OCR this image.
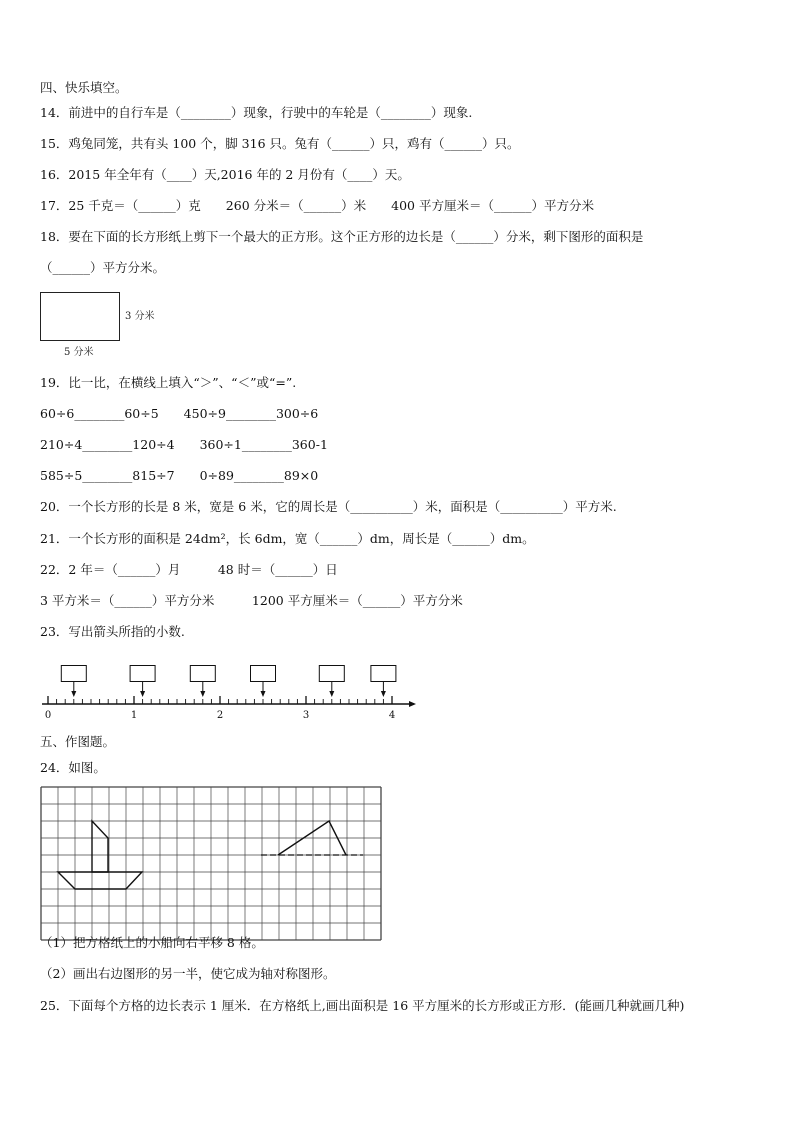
四、快乐填空。
14．前进中的自行车是（________）现象，行驶中的车轮是（________）现象.
15．鸡兔同笼，共有头 100 个，脚 316 只。兔有（______）只，鸡有（______）只。
16．2015 年全年有（____）天,2016 年的 2 月份有（____）天。
17．25 千克＝（______）克　　260 分米＝（______）米　　400 平方厘米＝（______）平方分米
18．要在下面的长方形纸上剪下一个最大的正方形。这个正方形的边长是（______）分米，剩下图形的面积是
（______）平方分米。
3 分米
5 分米
19．比一比，在横线上填入“＞”、“＜”或“=”.
60÷6________60÷5　　450÷9________300÷6
210÷4________120÷4　　360÷1________360-1
585÷5________815÷7　　0÷89________89×0
20．一个长方形的长是 8 米，宽是 6 米，它的周长是（__________）米，面积是（__________）平方米.
21．一个长方形的面积是 24dm²，长 6dm，宽（______）dm，周长是（______）dm。
22．2 年＝（______）月　　　48 时＝（______）日
3 平方米＝（______）平方分米　　　1200 平方厘米＝（______）平方分米
23．写出箭头所指的小数.
0	1	2	3	4
五、作图题。
24．如图。
（1）把方格纸上的小船向右平移 8 格。
（2）画出右边图形的另一半，使它成为轴对称图形。
25．下面每个方格的边长表示 1 厘米．在方格纸上,画出面积是 16 平方厘米的长方形或正方形．(能画几种就画几种)
